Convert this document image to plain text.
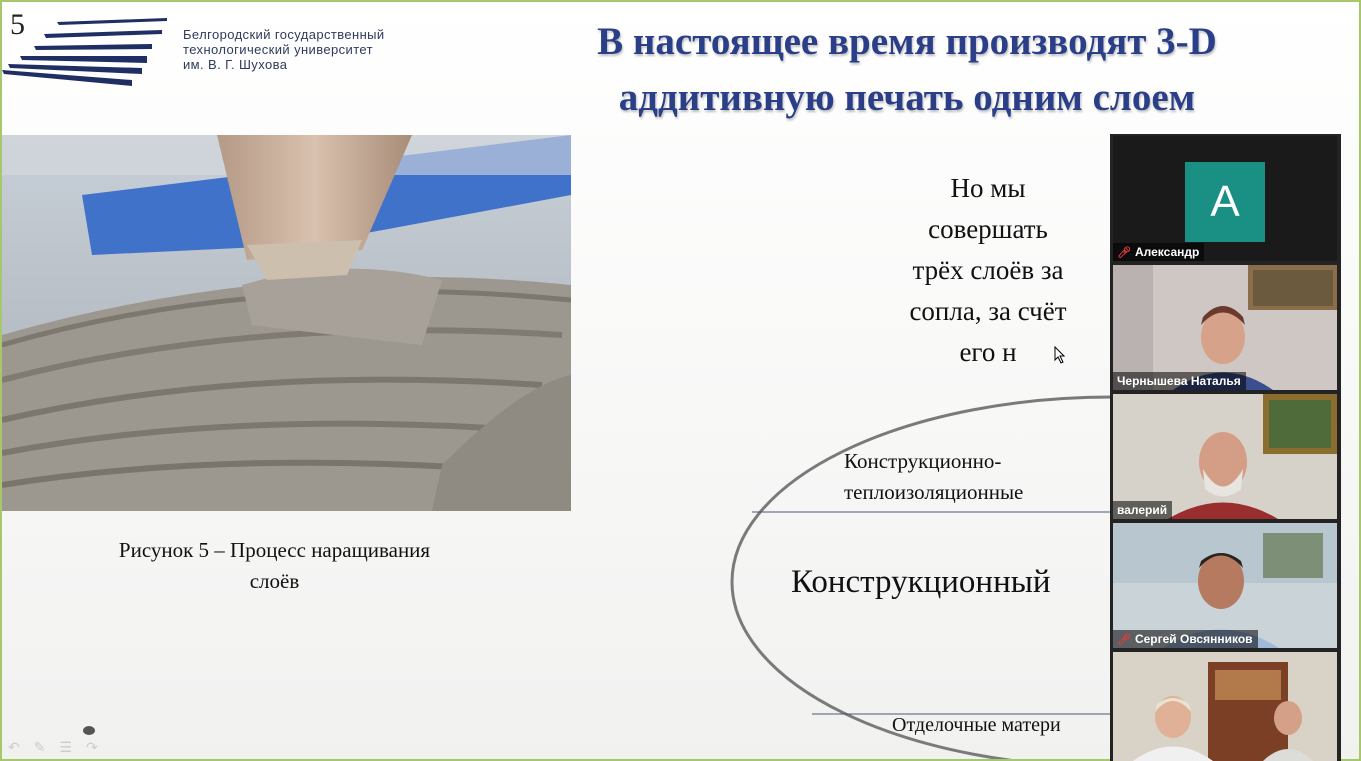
5	Белгородский государственный
технологический университет
им. В. Г. Шухова
В настоящее время производят 3-D
аддитивную печать одним слоем
Рисунок 5 – Процесс наращивания
слоёв
Но мы
совершать
трёх слоёв за
сопла, за счёт
его н
Конструкционно-
теплоизоляционные
Конструкционный
Отделочные матери
↶ ✎ ☰ ↷
A
🎤︎ Александр
Чернышева Наталья
валерий
🎤︎ Сергей Овсянников
